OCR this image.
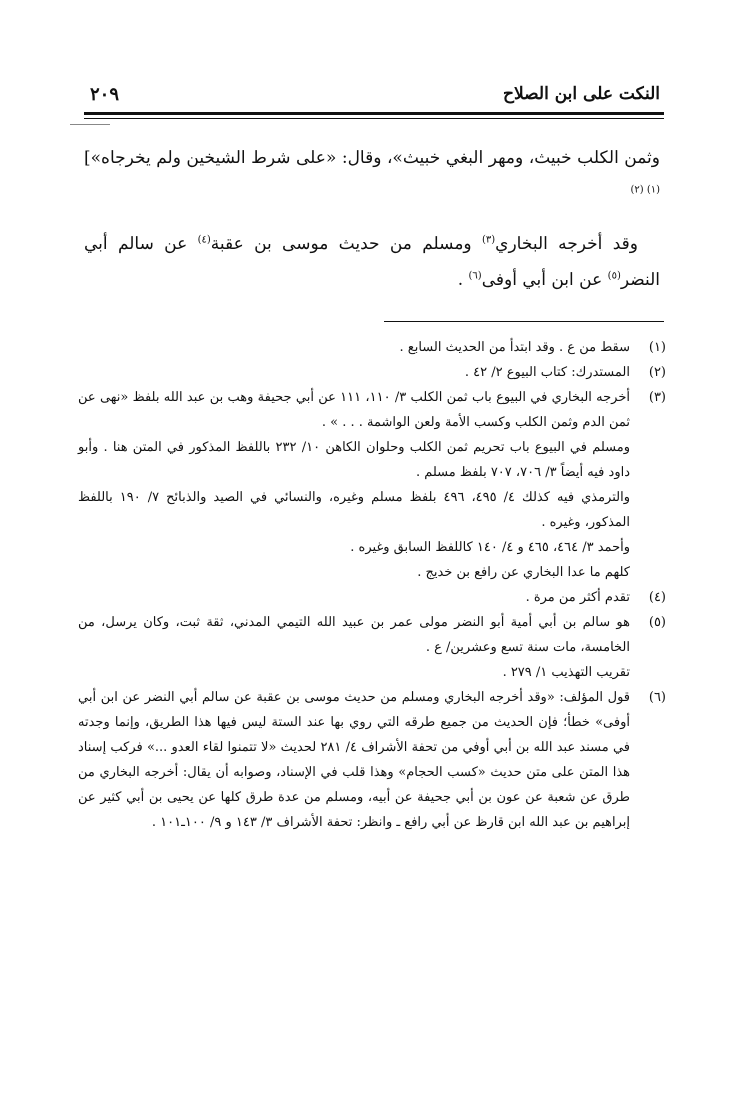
النكت على ابن الصلاح
٢٠٩

وثمن الكلب خبيث، ومهر البغي خبيث»، وقال: «على شرط الشيخين ولم يخرجاه»]$^{(١) (٢)}$

وقد أخرجه البخاري$^{(٣)}$ ومسلم من حديث موسى بن عقبة$^{(٤)}$ عن سالم أبي النضر$^{(٥)}$ عن ابن أبي أوفى$^{(٦)}$ .

(١)

سقط من ع . وقد ابتدأ من الحديث السابع .

(٢)

المستدرك: كتاب البيوع ٢/ ٤٢ .

(٣)

أخرجه البخاري في البيوع باب ثمن الكلب ٣/ ١١٠، ١١١ عن أبي جحيفة وهب بن عبد الله بلفظ «نهى عن ثمن الدم وثمن الكلب وكسب الأمة ولعن الواشمة . . . » .

ومسلم في البيوع باب تحريم ثمن الكلب وحلوان الكاهن ١٠/ ٢٣٢ باللفظ المذكور في المتن هنا . وأبو داود فيه أيضاً ٣/ ٧٠٦، ٧٠٧ بلفظ مسلم .

والترمذي فيه كذلك ٤/ ٤٩٥، ٤٩٦ بلفظ مسلم وغيره، والنسائي في الصيد والذبائح ٧/ ١٩٠ باللفظ المذكور، وغيره .

وأحمد ٣/ ٤٦٤، ٤٦٥ و ٤/ ١٤٠ كاللفظ السابق وغيره .

كلهم ما عدا البخاري عن رافع بن خديج .

(٤)

تقدم أكثر من مرة .

(٥)

هو سالم بن أبي أمية أبو النضر مولى عمر بن عبيد الله التيمي المدني، ثقة ثبت، وكان يرسل، من الخامسة، مات سنة تسع وعشرين/ ع .

تقريب التهذيب ١/ ٢٧٩ .

(٦)

قول المؤلف: «وقد أخرجه البخاري ومسلم من حديث موسى بن عقبة عن سالم أبي النضر عن ابن أبي أوفى» خطأ؛ فإن الحديث من جميع طرقه التي روي بها عند الستة ليس فيها هذا الطريق، وإنما وجدته في مسند عبد الله بن أبي أوفي من تحفة الأشراف ٤/ ٢٨١ لحديث «لا تتمنوا لقاء العدو ...» فركب إسناد هذا المتن على متن حديث «كسب الحجام» وهذا قلب في الإسناد، وصوابه أن يقال: أخرجه البخاري من طرق عن شعبة عن عون بن أبي جحيفة عن أبيه، ومسلم من عدة طرق كلها عن يحيى بن أبي كثير عن إبراهيم بن عبد الله ابن قارظ عن أبي رافع ـ وانظر: تحفة الأشراف ٣/ ١٤٣ و ٩/ ١٠٠ـ١٠١ .
